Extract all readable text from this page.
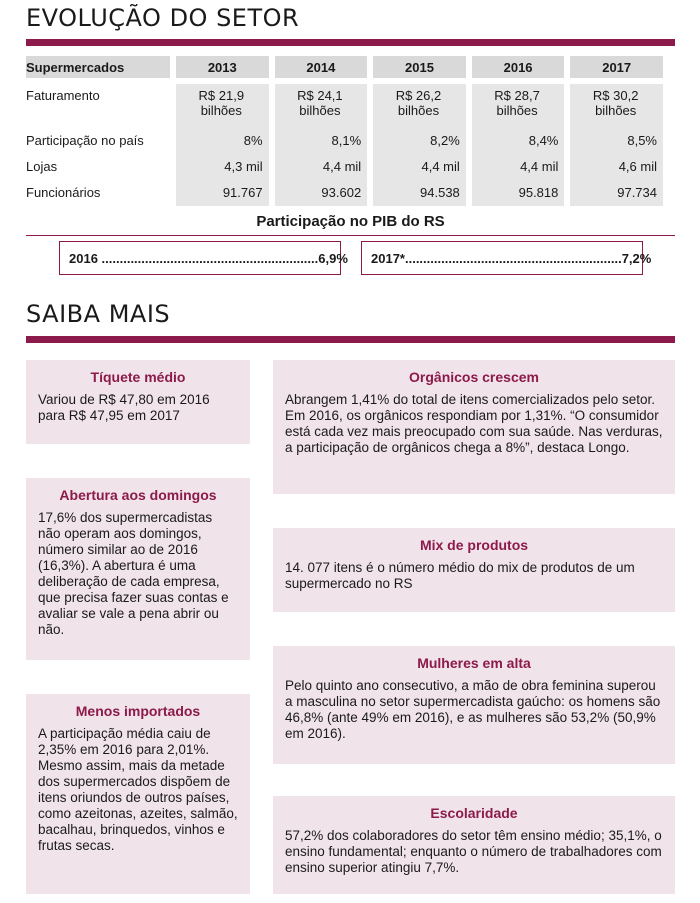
EVOLUÇÃO DO SETOR
Supermercados	2013	2014	2015	2016	2017

Faturamento	R$ 21,9 bilhões	R$ 24,1 bilhões	R$ 26,2 bilhões	R$ 28,7 bilhões	R$ 30,2 bilhões
Participação no país	8%	8,1%	8,2%	8,4%	8,5%
Lojas	4,3 mil	4,4 mil	4,4 mil	4,4 mil	4,6 mil
Funcionários	91.767	93.602	94.538	95.818	97.734
Participação no PIB do RS
2016 ............................................................6,9%	2017*............................................................7,2%
SAIBA MAIS

Tíquete médio

Variou de R$ 47,80 em 2016 para R$ 47,95 em 2017

Orgânicos crescem

Abrangem 1,41% do total de itens comercializados pelo setor. Em 2016, os orgânicos respondiam por 1,31%. “O consumidor está cada vez mais preocupado com sua saúde. Nas verduras, a participação de orgânicos chega a 8%”, destaca Longo.

Abertura aos domingos

17,6% dos supermercadistas não operam aos domingos, número similar ao de 2016 (16,3%). A abertura é uma deliberação de cada empresa, que precisa fazer suas contas e avaliar se vale a pena abrir ou não.

Mix de produtos

14. 077 itens é o número médio do mix de produtos de um supermercado no RS

Mulheres em alta

Pelo quinto ano consecutivo, a mão de obra feminina superou a masculina no setor supermercadista gaúcho: os homens são 46,8% (ante 49% em 2016), e as mulheres são 53,2% (50,9% em 2016).

Menos importados

A participação média caiu de 2,35% em 2016 para 2,01%. Mesmo assim, mais da metade dos supermercados dispõem de itens oriundos de outros países, como azeitonas, azeites, salmão, bacalhau, brinquedos, vinhos e frutas secas.

Escolaridade

57,2% dos colaboradores do setor têm ensino médio; 35,1%, o ensino fundamental; enquanto o número de trabalhadores com ensino superior atingiu 7,7%.
